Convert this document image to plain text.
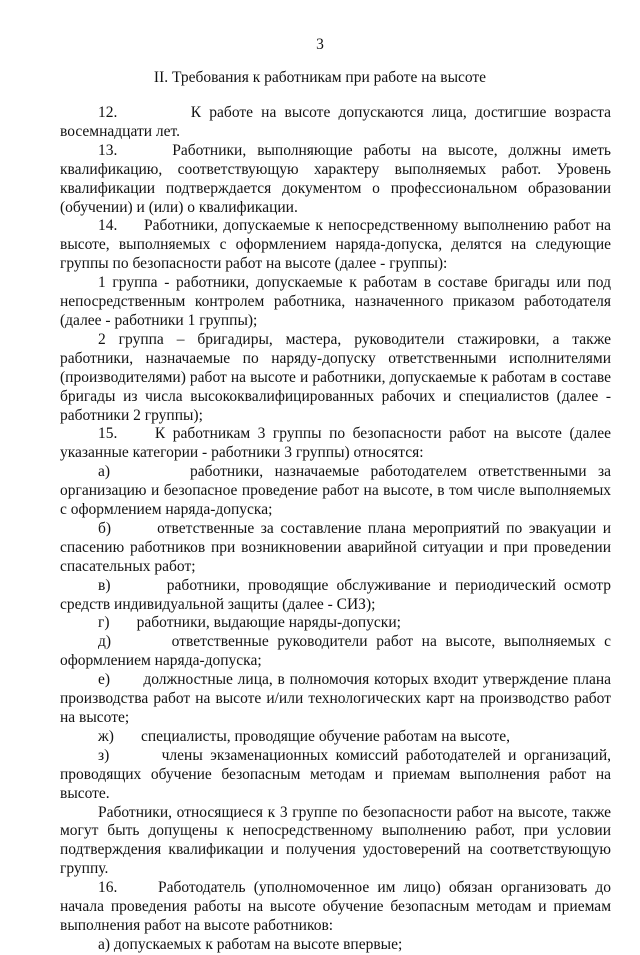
3
II. Требования к работникам при работе на высоте

12.         К работе на высоте допускаются лица, достигшие возраста восемнадцати лет.

13.     Работники, выполняющие работы на высоте, должны иметь квалификацию, соответствующую характеру выполняемых работ. Уровень квалификации подтверждается документом о профессиональном образовании (обучении) и (или) о квалификации.

14.     Работники, допускаемые к непосредственному выполнению работ на высоте, выполняемых с оформлением наряда-допуска, делятся на следующие группы по безопасности работ на высоте (далее - группы):

1 группа - работники, допускаемые к работам в составе бригады или под непосредственным контролем работника, назначенного приказом работодателя (далее - работники 1 группы);

2 группа – бригадиры, мастера, руководители стажировки, а также работники, назначаемые по наряду-допуску ответственными исполнителями (производителями) работ на высоте и работники, допускаемые к работам в составе бригады из числа высококвалифицированных рабочих и специалистов (далее - работники 2 группы);

15.     К работникам 3 группы по безопасности работ на высоте (далее указанные категории - работники 3 группы) относятся:

а)       работники, назначаемые работодателем ответственными за организацию и безопасное проведение работ на высоте, в том числе выполняемых с оформлением наряда-допуска;

б)       ответственные за составление плана мероприятий по эвакуации и спасению работников при возникновении аварийной ситуации и при проведении спасательных работ;

в)       работники, проводящие обслуживание и периодический осмотр средств индивидуальной защиты (далее - СИЗ);

г)       работники, выдающие наряды-допуски;

д)       ответственные руководители работ на высоте, выполняемых с оформлением наряда-допуска;

е)       должностные лица, в полномочия которых входит утверждение плана производства работ на высоте и/или технологических карт на производство работ на высоте;

ж)       специалисты, проводящие обучение работам на высоте,

з)       члены экзаменационных комиссий работодателей и организаций, проводящих обучение безопасным методам и приемам выполнения работ на высоте.

Работники, относящиеся к 3 группе по безопасности работ на высоте, также могут быть допущены к непосредственному выполнению работ, при условии подтверждения квалификации и получения удостоверений на соответствующую группу.

16.     Работодатель (уполномоченное им лицо) обязан организовать до начала проведения работы на высоте обучение безопасным методам и приемам выполнения работ на высоте работников:

а) допускаемых к работам на высоте впервые;
